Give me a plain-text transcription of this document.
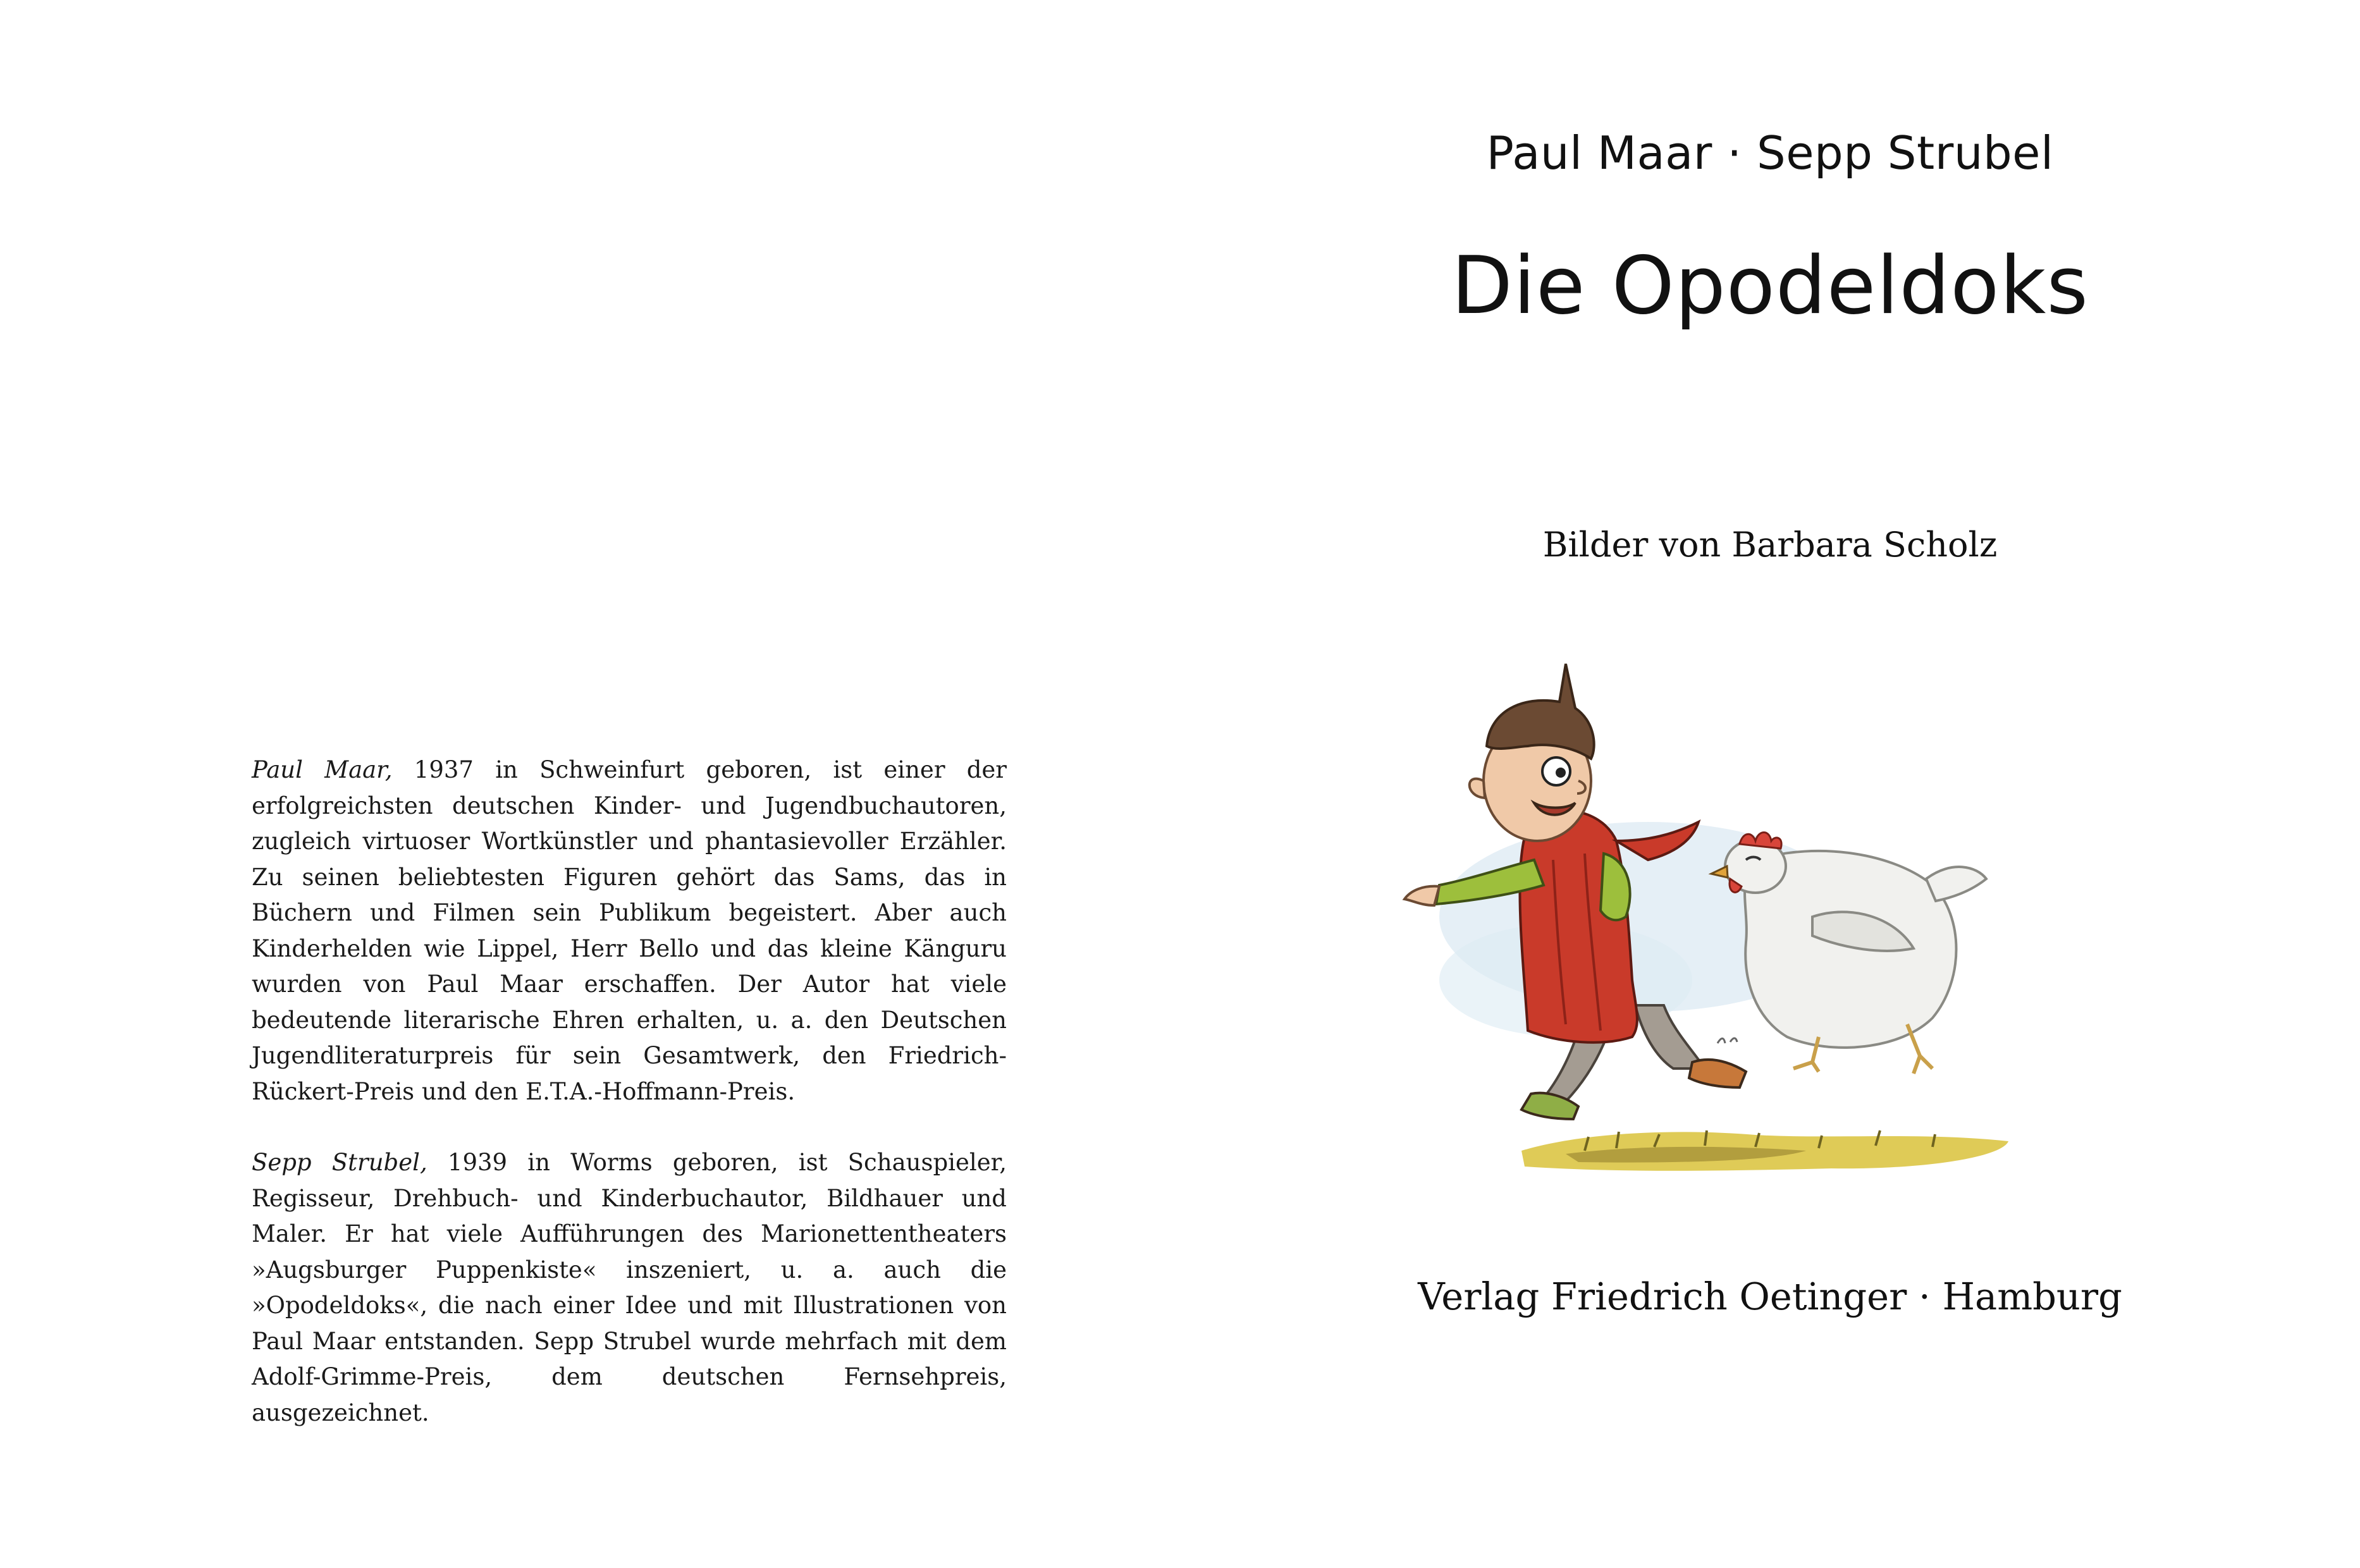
Paul Maar, 1937 in Schweinfurt geboren, ist einer der erfolgreichsten deutschen Kinder- und Jugendbuchautoren, zugleich virtuoser Wortkünstler und phantasievoller Erzähler. Zu seinen beliebtesten Figuren gehört das Sams, das in Büchern und Filmen sein Publikum begeistert. Aber auch Kinderhelden wie Lippel, Herr Bello und das kleine Känguru wurden von Paul Maar erschaffen. Der Autor hat viele bedeutende literarische Ehren erhalten, u. a. den Deutschen Jugendliteraturpreis für sein Gesamtwerk, den Friedrich-Rückert-Preis und den E.T.A.-Hoffmann-Preis.

Sepp Strubel, 1939 in Worms geboren, ist Schauspieler, Regisseur, Drehbuch- und Kinderbuchautor, Bildhauer und Maler. Er hat viele Aufführungen des Marionettentheaters »Augsburger Puppenkiste« inszeniert, u. a. auch die »Opodeldoks«, die nach einer Idee und mit Illustrationen von Paul Maar entstanden. Sepp Strubel wurde mehrfach mit dem Adolf-Grimme-Preis, dem deutschen Fernsehpreis, ausgezeichnet.

Paul Maar · Sepp Strubel
Die Opodeldoks
Bilder von Barbara Scholz
Verlag Friedrich Oetinger · Hamburg
